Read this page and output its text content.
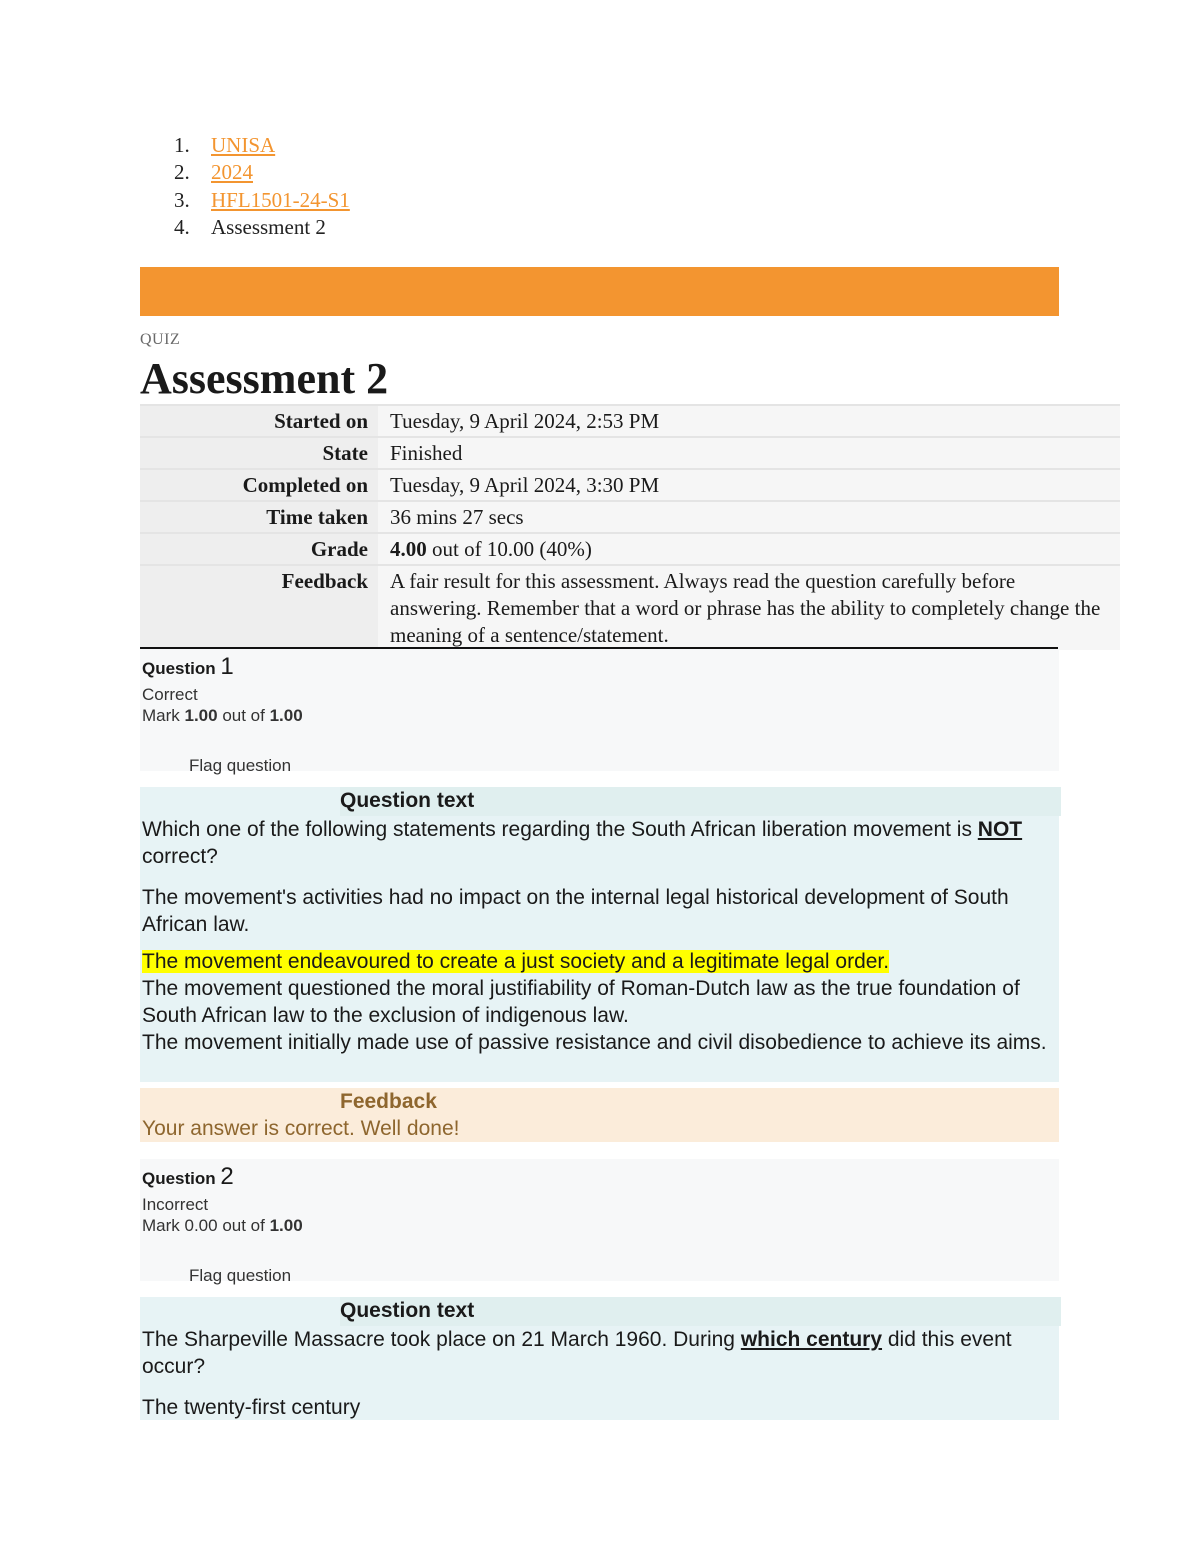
1.	UNISA
2.	2024
3.	HFL1501-24-S1
4.	Assessment 2
QUIZ
Assessment 2
Started on	Tuesday, 9 April 2024, 2:53 PM
State	Finished
Completed on	Tuesday, 9 April 2024, 3:30 PM
Time taken	36 mins 27 secs
Grade	4.00 out of 10.00 (40%)
Feedback	A fair result for this assessment. Always read the question carefully before answering. Remember that a word or phrase has the ability to completely change the meaning of a sentence/statement.
Question 1
Correct
Mark 1.00 out of 1.00
Flag question
Question text

Which one of the following statements regarding the South African liberation movement is NOT correct?

The movement's activities had no impact on the internal legal historical development of South African law.

The movement endeavoured to create a just society and a legitimate legal order.

The movement questioned the moral justifiability of Roman-Dutch law as the true foundation of South African law to the exclusion of indigenous law.

The movement initially made use of passive resistance and civil disobedience to achieve its aims.

Feedback
Your answer is correct. Well done!
Question 2
Incorrect
Mark 0.00 out of 1.00
Flag question
Question text

The Sharpeville Massacre took place on 21 March 1960. During which century did this event occur?

The twenty-first century
